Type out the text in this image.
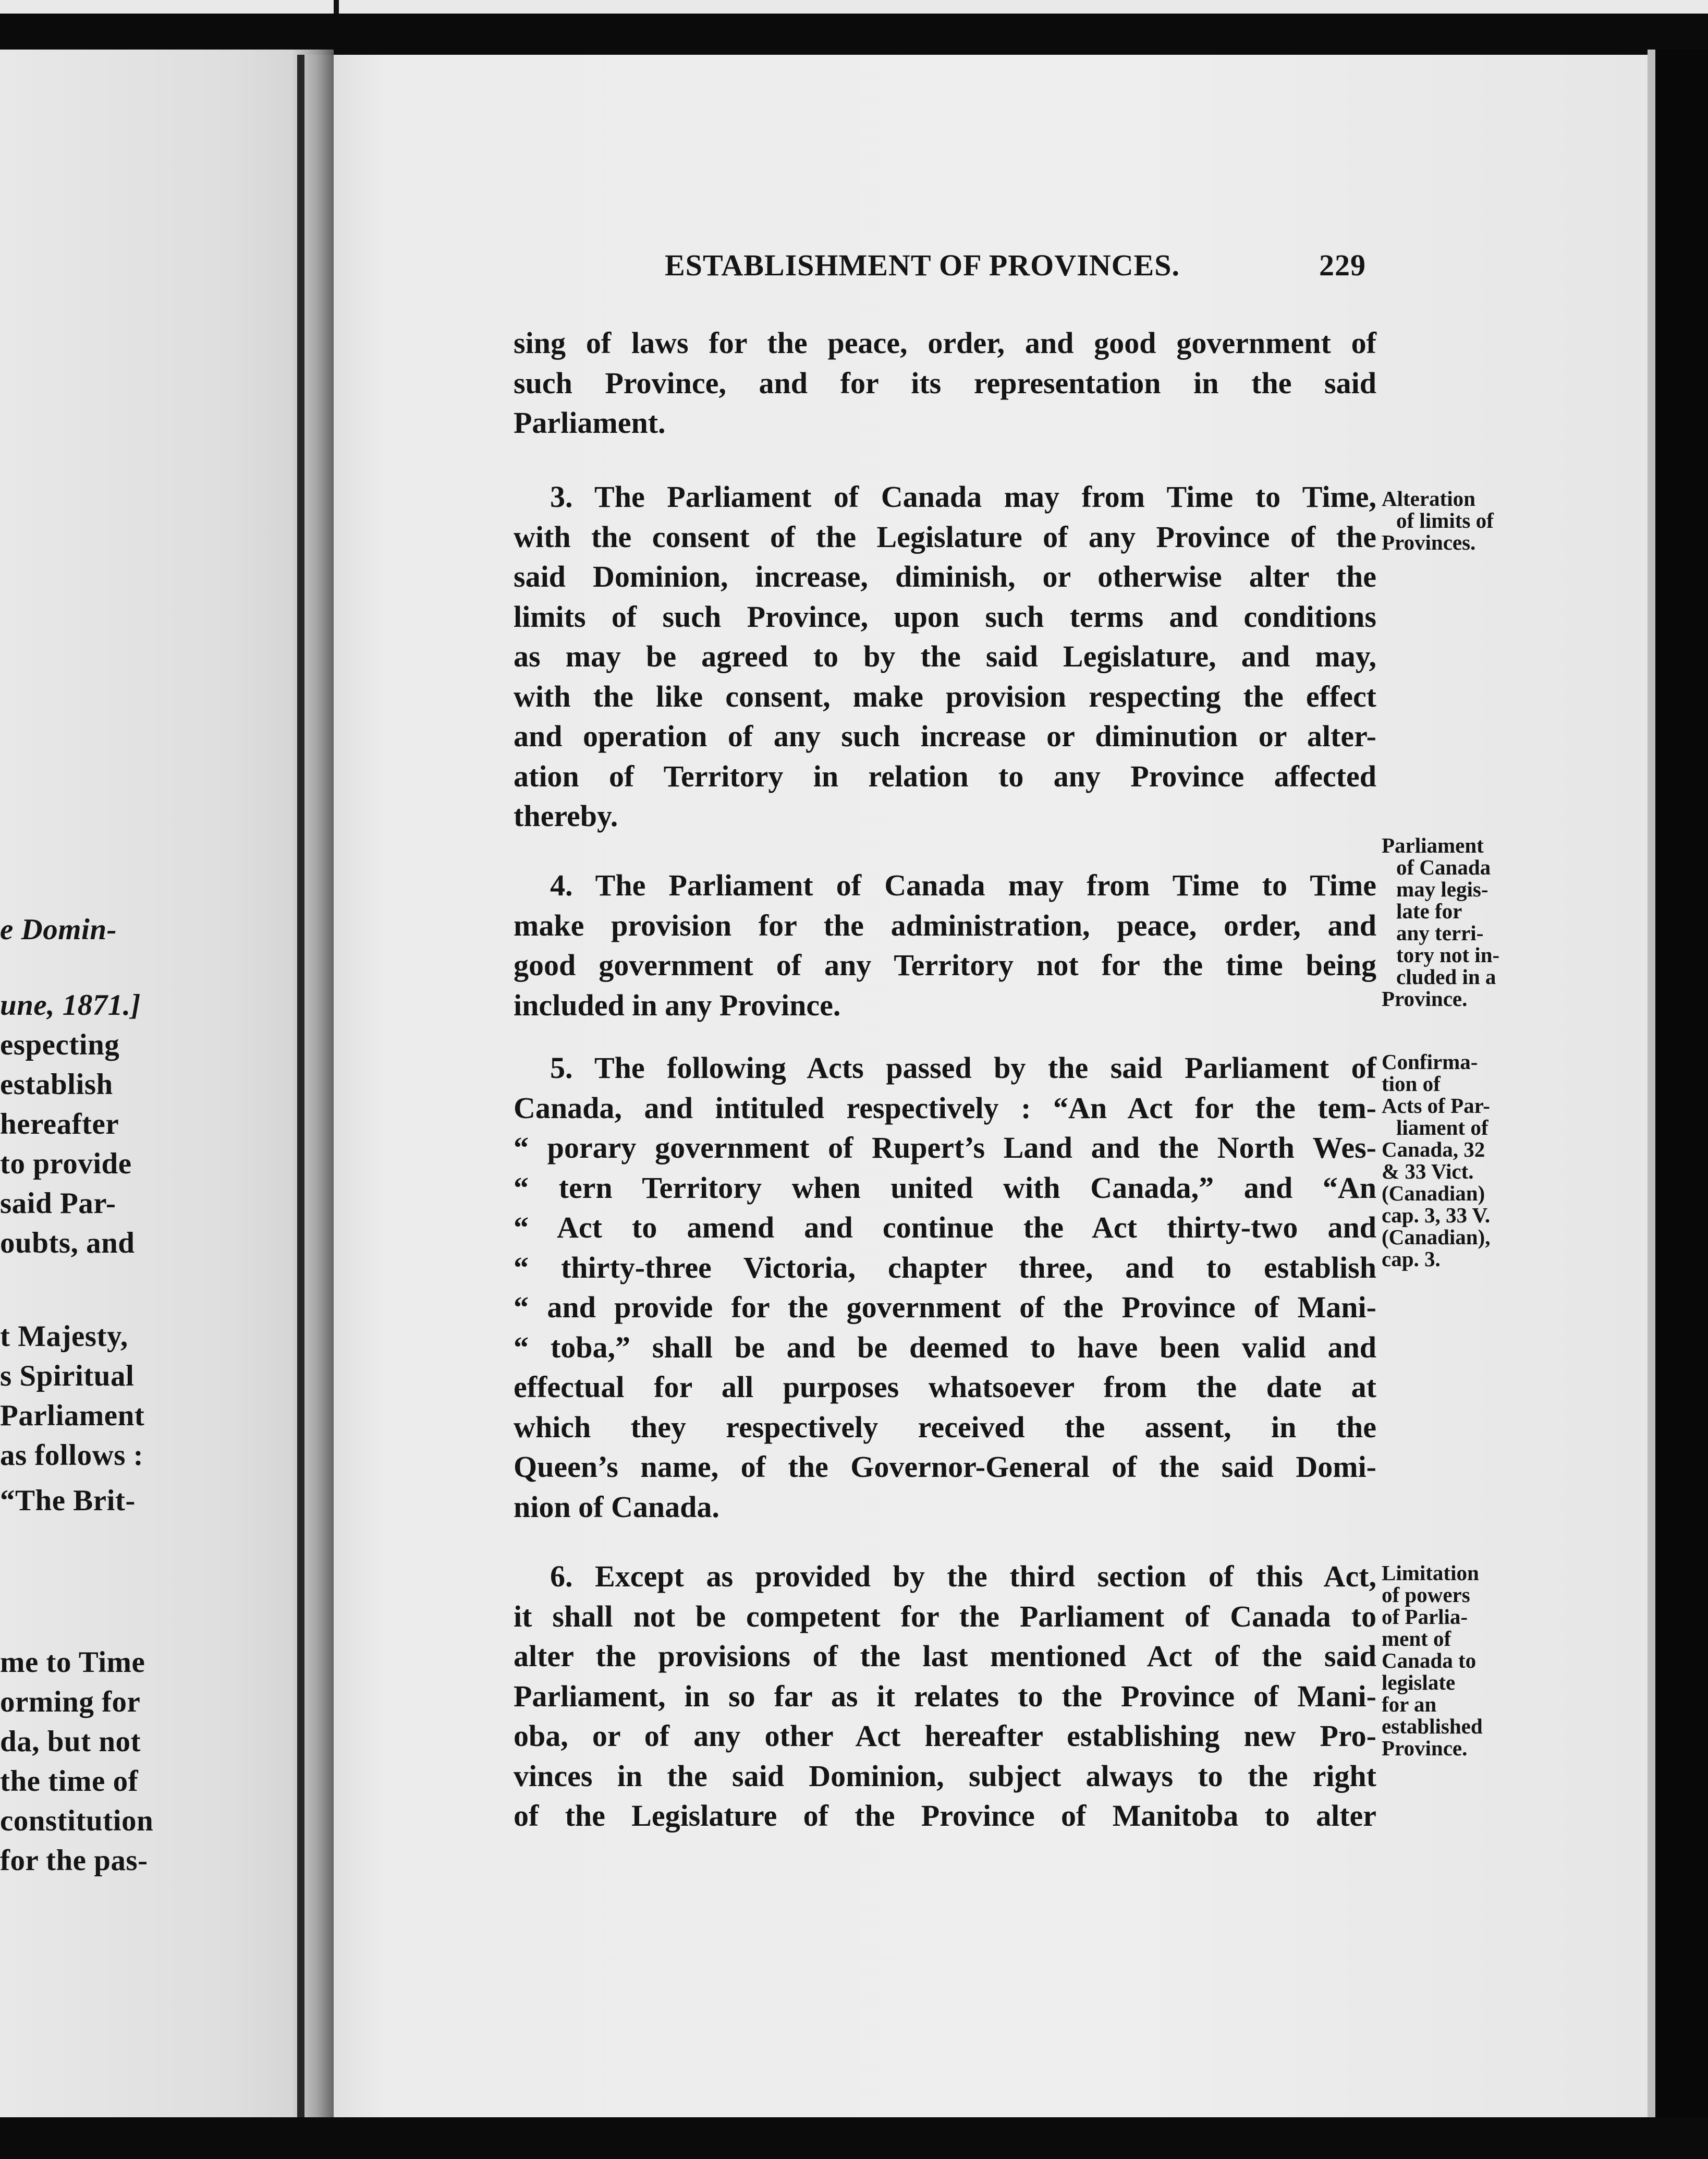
e Domin-
une, 1871.]
especting
establish
hereafter
to provide
said Par-
oubts, and
t Majesty,
s Spiritual
Parliament
as follows :
“The Brit-
me to Time
orming for
da, but not
the time of
constitution
for the pas-
ESTABLISHMENT OF PROVINCES.	229
sing of laws for the peace, order, and good government of
such Province, and for its representation in the said
Parliament.
3. The Parliament of Canada may from Time to Time,
with the consent of the Legislature of any Province of the
said Dominion, increase, diminish, or otherwise alter the
limits of such Province, upon such terms and conditions
as may be agreed to by the said Legislature, and may,
with the like consent, make provision respecting the effect
and operation of any such increase or diminution or alter-
ation of Territory in relation to any Province affected
thereby.
Alteration
of limits of
Provinces.
4. The Parliament of Canada may from Time to Time
make provision for the administration, peace, order, and
good government of any Territory not for the time being
included in any Province.
Parliament
of Canada
may legis-
late for
any terri-
tory not in-
cluded in a
Province.
5. The following Acts passed by the said Parliament of
Canada, and intituled respectively : “An Act for the tem-
“ porary government of Rupert’s Land and the North Wes-
“ tern Territory when united with Canada,” and “An
“ Act to amend and continue the Act thirty-two and
“ thirty-three Victoria, chapter three, and to establish
“ and provide for the government of the Province of Mani-
“ toba,” shall be and be deemed to have been valid and
effectual for all purposes whatsoever from the date at
which they respectively received the assent, in the
Queen’s name, of the Governor-General of the said Domi-
nion of Canada.
Confirma-
tion of
Acts of Par-
liament of
Canada, 32
& 33 Vict.
(Canadian)
cap. 3, 33 V.
(Canadian),
cap. 3.
6. Except as provided by the third section of this Act,
it shall not be competent for the Parliament of Canada to
alter the provisions of the last mentioned Act of the said
Parliament, in so far as it relates to the Province of Mani-
oba, or of any other Act hereafter establishing new Pro-
vinces in the said Dominion, subject always to the right
of the Legislature of the Province of Manitoba to alter
Limitation
of powers
of Parlia-
ment of
Canada to
legislate
for an
established
Province.
